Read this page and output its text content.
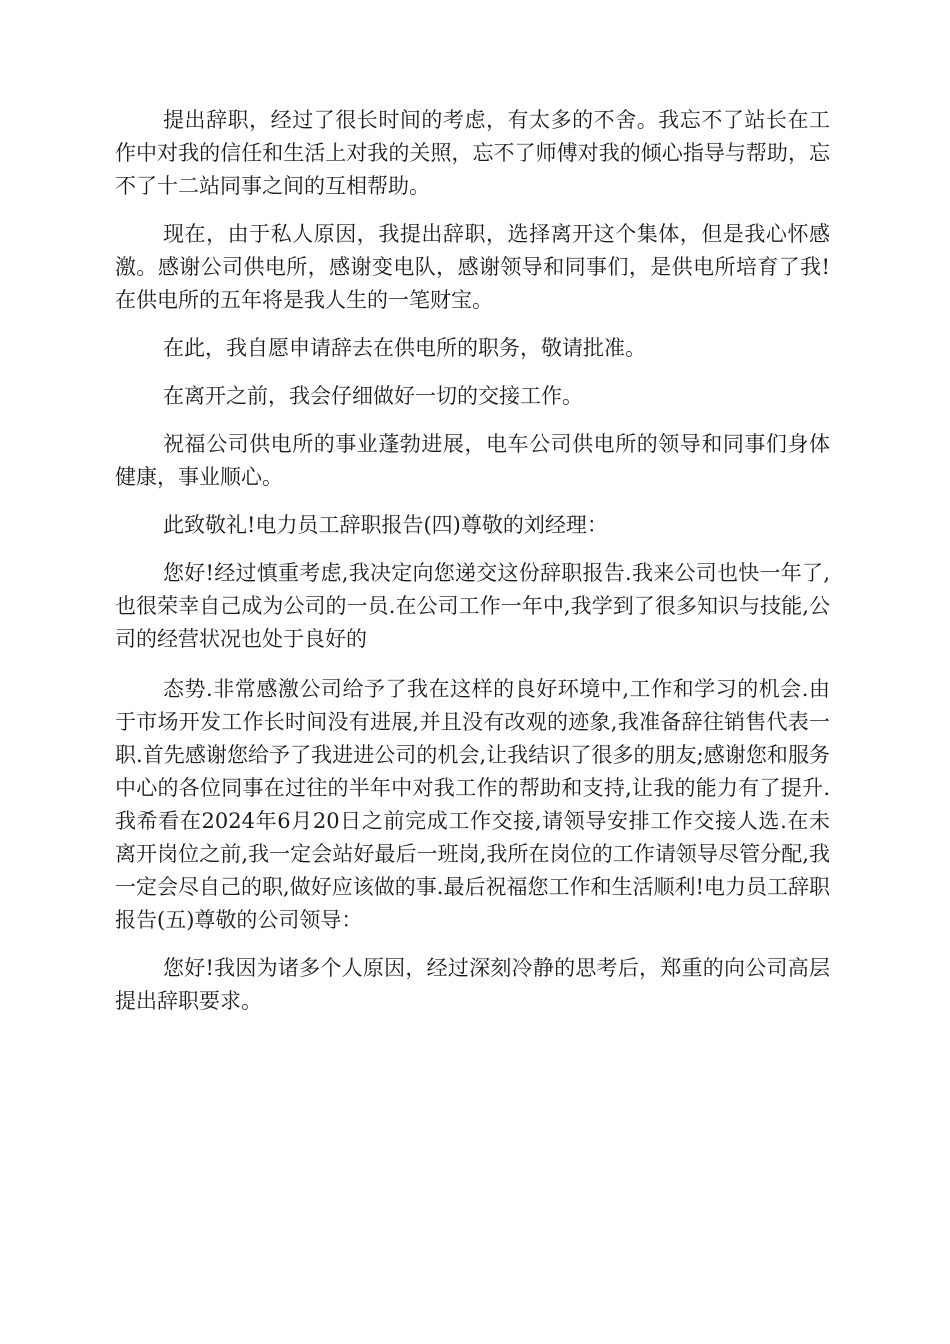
提出辞职，经过了很长时间的考虑，有太多的不舍。我忘不了站长在工作中对我的信任和生活上对我的关照，忘不了师傅对我的倾心指导与帮助，忘不了十二站同事之间的互相帮助。

现在，由于私人原因，我提出辞职，选择离开这个集体，但是我心怀感激。感谢公司供电所，感谢变电队，感谢领导和同事们，是供电所培育了我!在供电所的五年将是我人生的一笔财宝。

在此，我自愿申请辞去在供电所的职务，敬请批准。

在离开之前，我会仔细做好一切的交接工作。

祝福公司供电所的事业蓬勃进展，电车公司供电所的领导和同事们身体健康，事业顺心。

此致敬礼!电力员工辞职报告(四)尊敬的刘经理：

您好!经过慎重考虑,我决定向您递交这份辞职报告.我来公司也快一年了,也很荣幸自己成为公司的一员.在公司工作一年中,我学到了很多知识与技能,公司的经营状况也处于良好的

态势.非常感激公司给予了我在这样的良好环境中,工作和学习的机会.由于市场开发工作长时间没有进展,并且没有改观的迹象,我准备辞往销售代表一职.首先感谢您给予了我进进公司的机会,让我结识了很多的朋友;感谢您和服务中心的各位同事在过往的半年中对我工作的帮助和支持,让我的能力有了提升.我希看在2024年6月20日之前完成工作交接,请领导安排工作交接人选.在未离开岗位之前,我一定会站好最后一班岗,我所在岗位的工作请领导尽管分配,我一定会尽自己的职,做好应该做的事.最后祝福您工作和生活顺利!电力员工辞职报告(五)尊敬的公司领导：

您好!我因为诸多个人原因，经过深刻冷静的思考后，郑重的向公司高层提出辞职要求。
